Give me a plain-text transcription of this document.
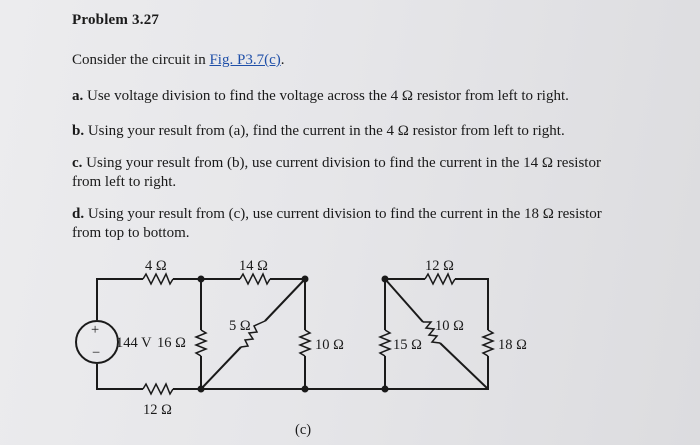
Problem 3.27
Consider the circuit in Fig. P3.7(c).
a. Use voltage division to find the voltage across the 4 Ω resistor from left to right.
b. Using your result from (a), find the current in the 4 Ω resistor from left to right.
c. Using your result from (b), use current division to find the current in the 14 Ω resistor from left to right.
d. Using your result from (c), use current division to find the current in the 18 Ω resistor from top to bottom.
+
−
4 Ω
12 Ω
144 V 16 Ω
14 Ω
5 Ω
10 Ω
12 Ω
15 Ω
10 Ω
18 Ω
(c)
